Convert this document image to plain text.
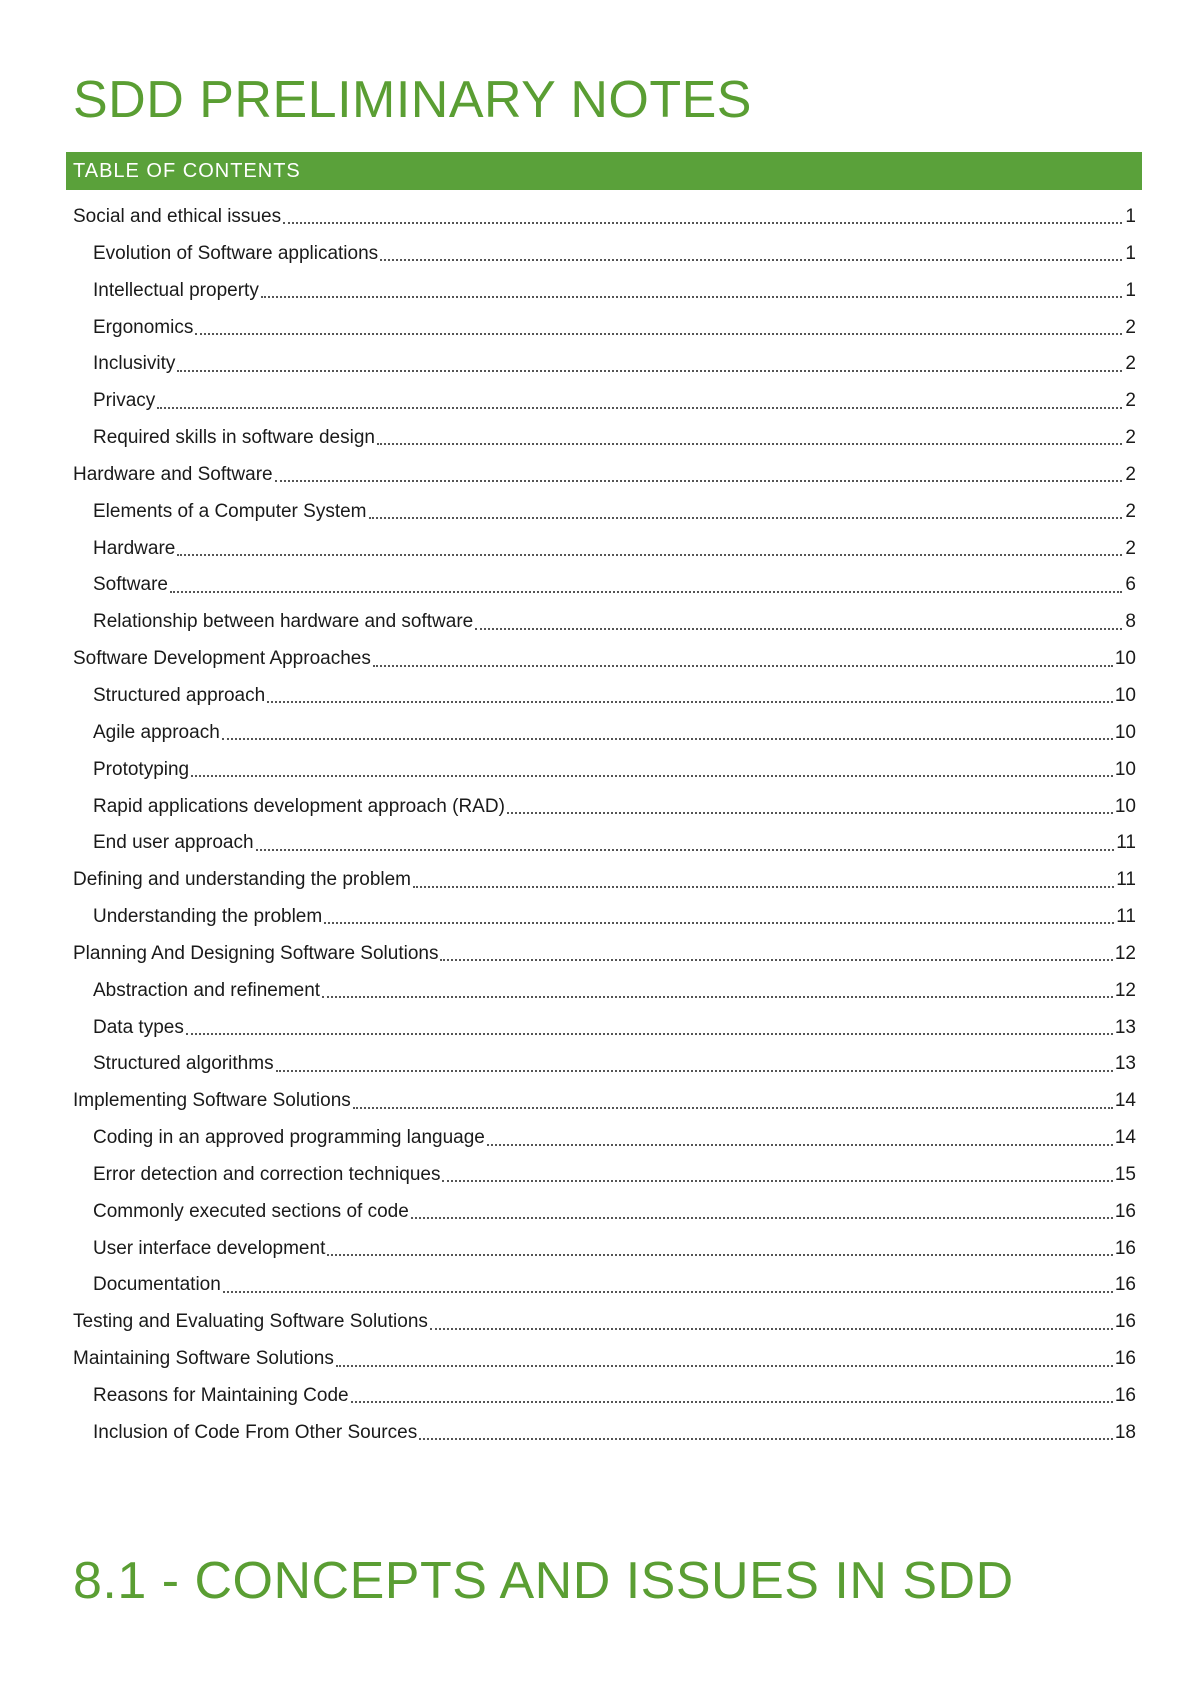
SDD PRELIMINARY NOTES
TABLE OF CONTENTS
Social and ethical issues	1
Evolution of Software applications	1
Intellectual property	1
Ergonomics	2
Inclusivity	2
Privacy	2
Required skills in software design	2
Hardware and Software	2
Elements of a Computer System	2
Hardware	2
Software	6
Relationship between hardware and software	8
Software Development Approaches	10
Structured approach	10
Agile approach	10
Prototyping	10
Rapid applications development approach (RAD)	10
End user approach	11
Defining and understanding the problem	11
Understanding the problem	11
Planning And Designing Software Solutions	12
Abstraction and refinement	12
Data types	13
Structured algorithms	13
Implementing Software Solutions	14
Coding in an approved programming language	14
Error detection and correction techniques	15
Commonly executed sections of code	16
User interface development	16
Documentation	16
Testing and Evaluating Software Solutions	16
Maintaining Software Solutions	16
Reasons for Maintaining Code	16
Inclusion of Code From Other Sources	18
8.1 - CONCEPTS AND ISSUES IN SDD
